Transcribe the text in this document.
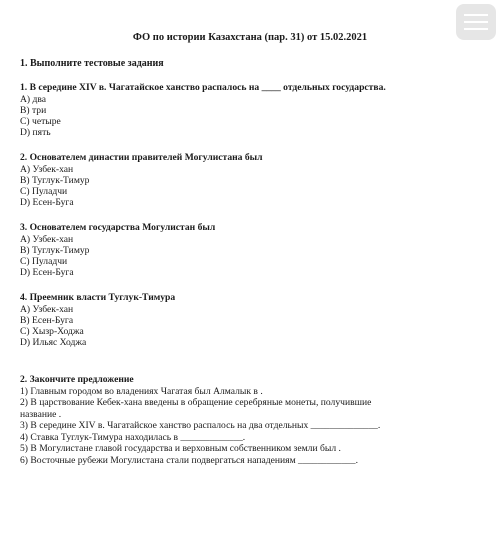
ФО по истории Казахстана (пар. 31) от 15.02.2021
1. Выполните тестовые задания
1. В середине XIV в. Чагатайское ханство распалось на ____ отдельных государства.
А) два
В) три
С) четыре
D) пять
2. Основателем династии правителей Могулистана был
А) Узбек-хан
В) Туглук-Тимур
С) Пуладчи
D) Есен-Буга
3. Основателем государства Могулистан был
А) Узбек-хан
В) Туглук-Тимур
С) Пуладчи
D) Есен-Буга
4. Преемник власти Туглук-Тимура
А) Узбек-хан
В) Есен-Буга
С) Хызр-Ходжа
D) Ильяс Ходжа
2. Закончите предложение
1) Главным городом во владениях Чагатая был Алмалык в .
2) В царствование Кебек-хана введены в обращение серебряные монеты, получившие
название .
3) В середине XIV в. Чагатайское ханство распалось на два отдельных ______________.
4) Ставка Туглук-Тимура находилась в _____________.
5) В Могулистане главой государства и верховным собственником земли был .
6) Восточные рубежи Могулистана стали подвергаться нападениям ____________.
